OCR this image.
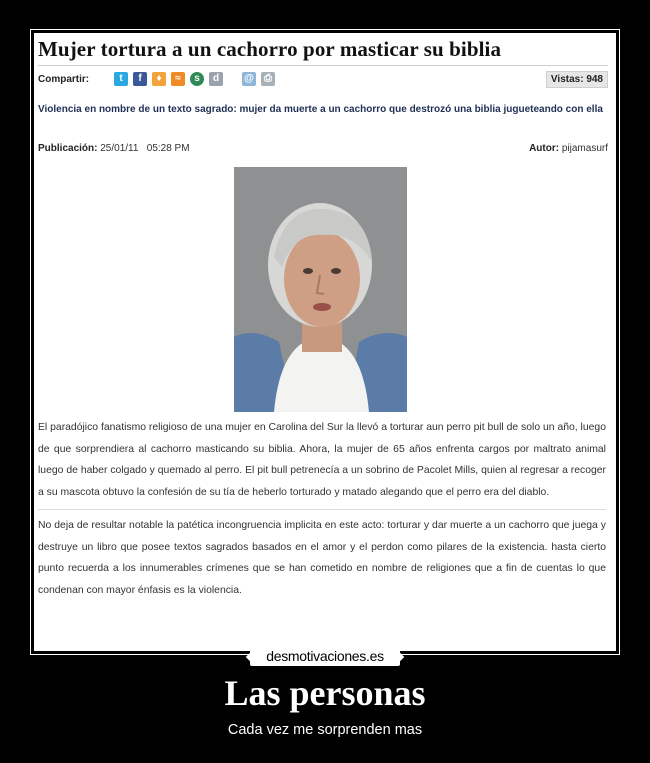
Mujer tortura a un cachorro por masticar su biblia
Compartir:	t	f	♦	≈	s	d	@	⎙	Vistas: 948

Violencia en nombre de un texto sagrado: mujer da muerte a un cachorro que destrozó una biblia jugueteando con ella

Publicación: 25/01/11   05:28 PM	Autor: pijamasurf

El paradójico fanatismo religioso de una mujer en Carolina del Sur la llevó a torturar aun perro pit bull de solo un año, luego de que sorprendiera al cachorro masticando su biblia. Ahora, la mujer de 65 años enfrenta cargos por maltrato animal luego de haber colgado y quemado al perro. El pit bull petrenecía a un sobrino de Pacolet Mills, quien al regresar a recoger a su mascota obtuvo la confesión de su tía de heberlo torturado y matado alegando que el perro era del diablo.

No deja de resultar notable la patética incongruencia implicita en este acto: torturar y dar muerte a un cachorro que juega y destruye un libro que posee textos sagrados basados en el amor y el perdon como pilares de la existencia. hasta cierto punto recuerda a los innumerables crímenes que se han cometido en nombre de religiones que a fin de cuentas lo que condenan con mayor énfasis es la violencia.

desmotivaciones.es
Las personas

Cada vez me sorprenden mas
